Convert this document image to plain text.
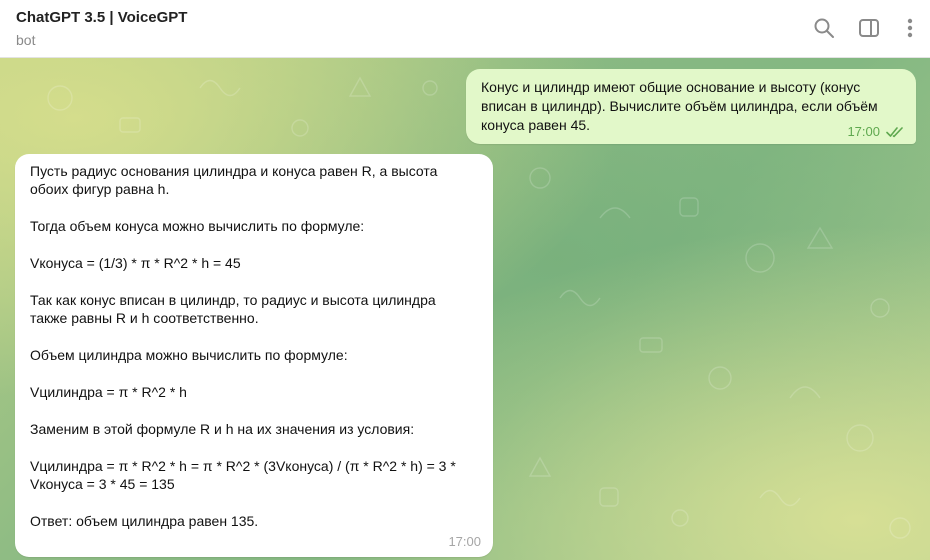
ChatGPT 3.5 | VoiceGPT
bot
Конус и цилиндр имеют общие основание и высоту (конус
вписан в цилиндр). Вычислите объём цилиндра, если объём
конуса равен 45.	17:00
Пусть радиус основания цилиндра и конуса равен R, а высота
обоих фигур равна h.

Тогда объем конуса можно вычислить по формуле:

Vконуса = (1/3) * π * R^2 * h = 45

Так как конус вписан в цилиндр, то радиус и высота цилиндра
также равны R и h соответственно.

Объем цилиндра можно вычислить по формуле:

Vцилиндра = π * R^2 * h

Заменим в этой формуле R и h на их значения из условия:

Vцилиндра = π * R^2 * h = π * R^2 * (3Vконуса) / (π * R^2 * h) = 3 *
Vконуса = 3 * 45 = 135

Ответ: объем цилиндра равен 135.
17:00
